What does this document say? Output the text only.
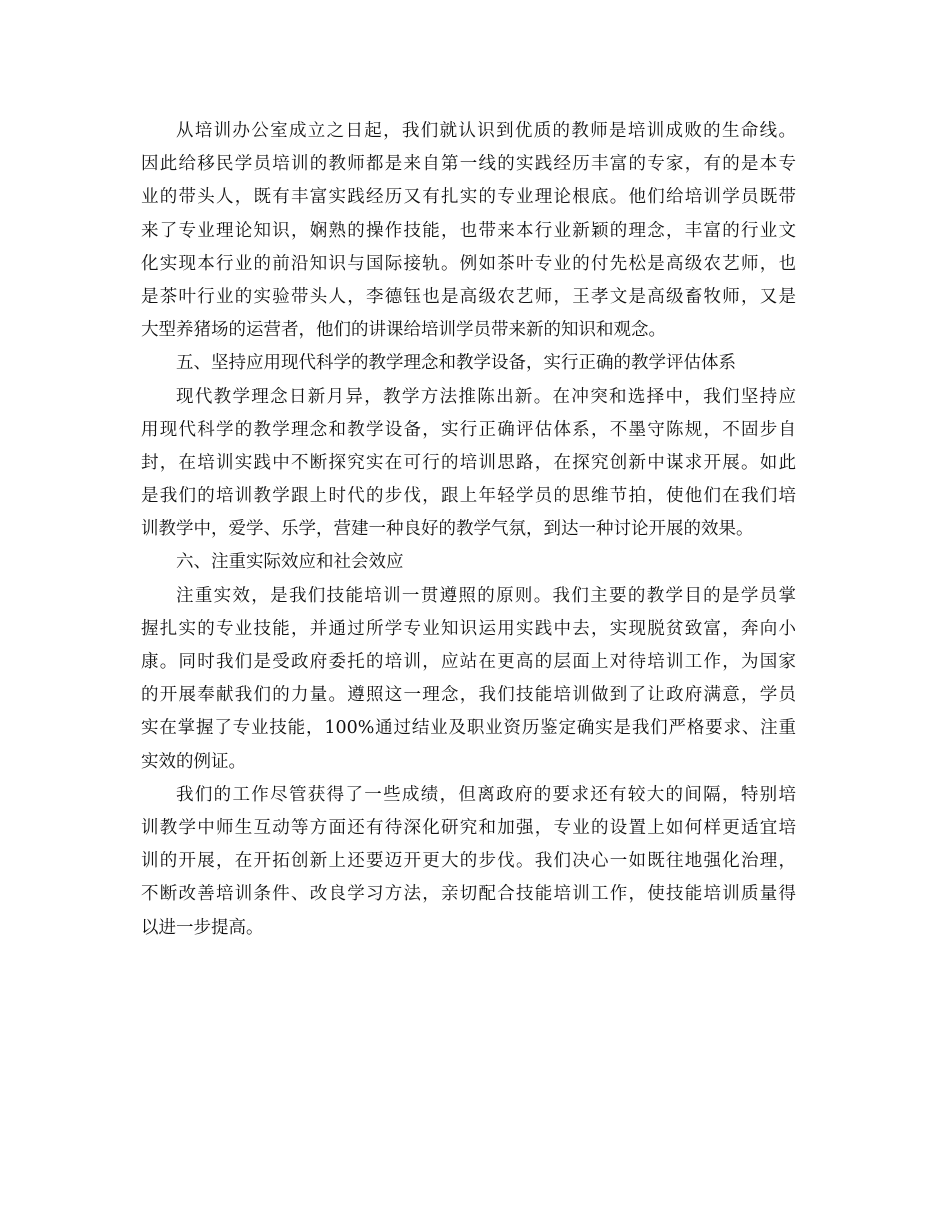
从培训办公室成立之日起，我们就认识到优质的教师是培训成败的生命线。
因此给移民学员培训的教师都是来自第一线的实践经历丰富的专家，有的是本专
业的带头人，既有丰富实践经历又有扎实的专业理论根底。他们给培训学员既带
来了专业理论知识，娴熟的操作技能，也带来本行业新颖的理念，丰富的行业文
化实现本行业的前沿知识与国际接轨。例如茶叶专业的付先松是高级农艺师，也
是茶叶行业的实验带头人，李德钰也是高级农艺师，王孝文是高级畜牧师，又是
大型养猪场的运营者，他们的讲课给培训学员带来新的知识和观念。
五、坚持应用现代科学的教学理念和教学设备，实行正确的教学评估体系
现代教学理念日新月异，教学方法推陈出新。在冲突和选择中，我们坚持应
用现代科学的教学理念和教学设备，实行正确评估体系，不墨守陈规，不固步自
封，在培训实践中不断探究实在可行的培训思路，在探究创新中谋求开展。如此
是我们的培训教学跟上时代的步伐，跟上年轻学员的思维节拍，使他们在我们培
训教学中，爱学、乐学，营建一种良好的教学气氛，到达一种讨论开展的效果。
六、注重实际效应和社会效应
注重实效，是我们技能培训一贯遵照的原则。我们主要的教学目的是学员掌
握扎实的专业技能，并通过所学专业知识运用实践中去，实现脱贫致富，奔向小
康。同时我们是受政府委托的培训，应站在更高的层面上对待培训工作，为国家
的开展奉献我们的力量。遵照这一理念，我们技能培训做到了让政府满意，学员
实在掌握了专业技能，100%通过结业及职业资历鉴定确实是我们严格要求、注重
实效的例证。
我们的工作尽管获得了一些成绩，但离政府的要求还有较大的间隔，特别培
训教学中师生互动等方面还有待深化研究和加强，专业的设置上如何样更适宜培
训的开展，在开拓创新上还要迈开更大的步伐。我们决心一如既往地强化治理，
不断改善培训条件、改良学习方法，亲切配合技能培训工作，使技能培训质量得
以进一步提高。
